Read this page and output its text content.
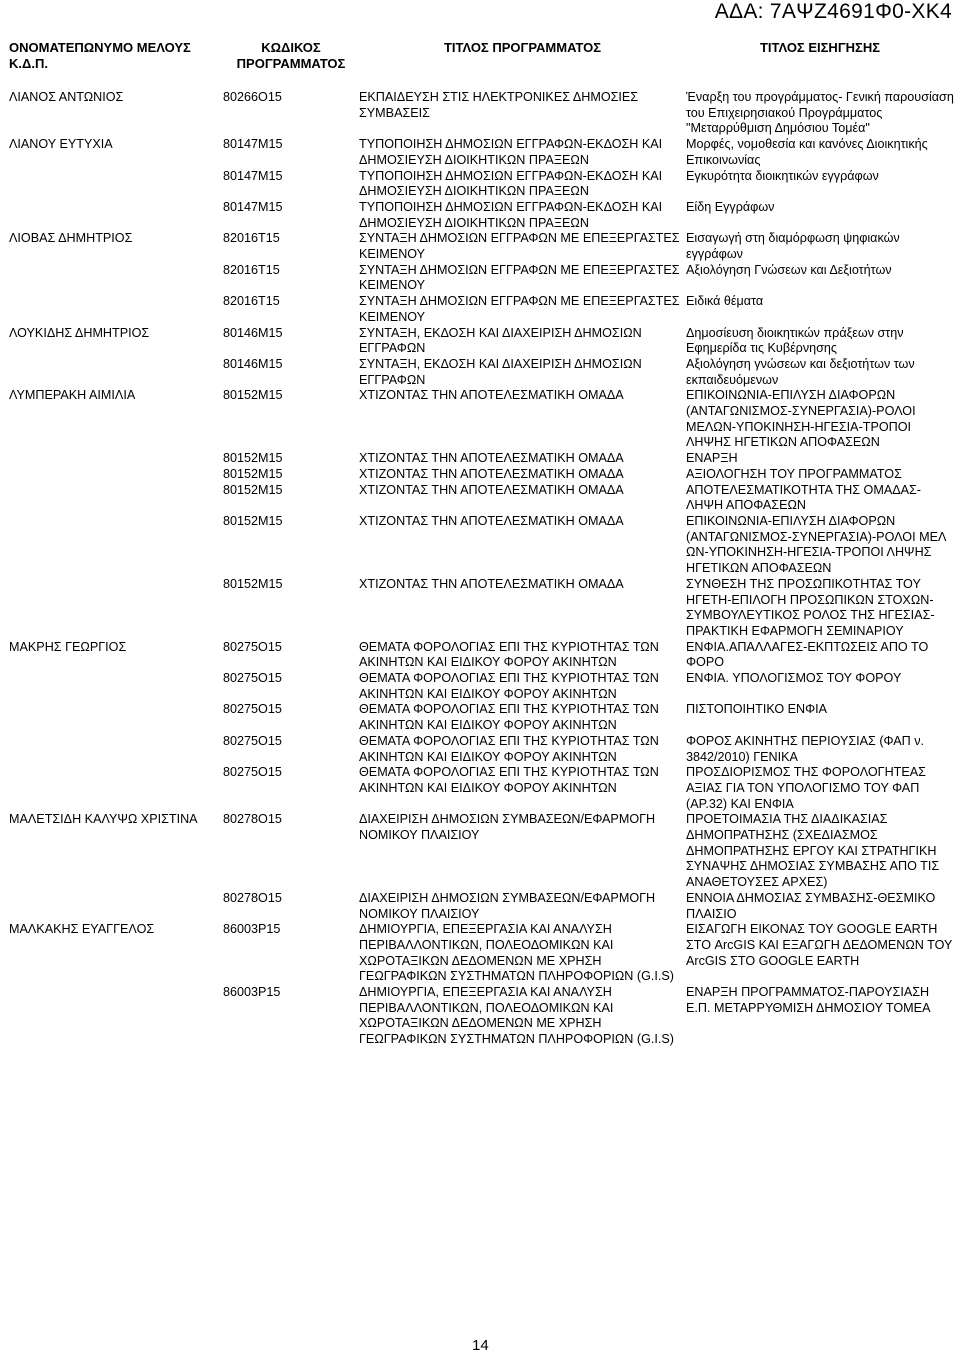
ΑΔΑ: 7ΑΨΖ4691Φ0-ΧΚ4
ΟΝΟΜΑΤΕΠΩΝΥΜΟ ΜΕΛΟΥΣ Κ.Δ.Π.	ΚΩΔΙΚΟΣ ΠΡΟΓΡΑΜΜΑΤΟΣ	ΤΙΤΛΟΣ ΠΡΟΓΡΑΜΜΑΤΟΣ	ΤΙΤΛΟΣ ΕΙΣΗΓΗΣΗΣ
ΛΙΑΝΟΣ ΑΝΤΩΝΙΟΣ	80266Ο15	ΕΚΠΑΙΔΕΥΣΗ ΣΤΙΣ ΗΛΕΚΤΡΟΝΙΚΕΣ ΔΗΜΟΣΙΕΣ ΣΥΜΒΑΣΕΙΣ	Έναρξη του προγράμματος- Γενική παρουσίαση του Επιχειρησιακού Προγράμματος "Μεταρρύθμιση Δημόσιου Τομέα"
ΛΙΑΝΟΥ ΕΥΤΥΧΙΑ	80147Μ15	ΤΥΠΟΠΟΙΗΣΗ ΔΗΜΟΣΙΩΝ ΕΓΓΡΑΦΩΝ-ΕΚΔΟΣΗ ΚΑΙ ΔΗΜΟΣΙΕΥΣΗ ΔΙΟΙΚΗΤΙΚΩΝ ΠΡΑΞΕΩΝ	Μορφές, νομοθεσία και κανόνες Διοικητικής Επικοινωνίας
	80147Μ15	ΤΥΠΟΠΟΙΗΣΗ ΔΗΜΟΣΙΩΝ ΕΓΓΡΑΦΩΝ-ΕΚΔΟΣΗ ΚΑΙ ΔΗΜΟΣΙΕΥΣΗ ΔΙΟΙΚΗΤΙΚΩΝ ΠΡΑΞΕΩΝ	Εγκυρότητα διοικητικών εγγράφων
	80147Μ15	ΤΥΠΟΠΟΙΗΣΗ ΔΗΜΟΣΙΩΝ ΕΓΓΡΑΦΩΝ-ΕΚΔΟΣΗ ΚΑΙ ΔΗΜΟΣΙΕΥΣΗ ΔΙΟΙΚΗΤΙΚΩΝ ΠΡΑΞΕΩΝ	Είδη Εγγράφων
ΛΙΟΒΑΣ ΔΗΜΗΤΡΙΟΣ	82016Τ15	ΣΥΝΤΑΞΗ ΔΗΜΟΣΙΩΝ ΕΓΓΡΑΦΩΝ ΜΕ ΕΠΕΞΕΡΓΑΣΤΕΣ ΚΕΙΜΕΝΟΥ	Εισαγωγή στη διαμόρφωση ψηφιακών εγγράφων
	82016Τ15	ΣΥΝΤΑΞΗ ΔΗΜΟΣΙΩΝ ΕΓΓΡΑΦΩΝ ΜΕ ΕΠΕΞΕΡΓΑΣΤΕΣ ΚΕΙΜΕΝΟΥ	Αξιολόγηση Γνώσεων και Δεξιοτήτων
	82016Τ15	ΣΥΝΤΑΞΗ ΔΗΜΟΣΙΩΝ ΕΓΓΡΑΦΩΝ ΜΕ ΕΠΕΞΕΡΓΑΣΤΕΣ ΚΕΙΜΕΝΟΥ	Ειδικά θέματα
ΛΟΥΚΙΔΗΣ ΔΗΜΗΤΡΙΟΣ	80146Μ15	ΣΥΝΤΑΞΗ, ΕΚΔΟΣΗ ΚΑΙ ΔΙΑΧΕΙΡΙΣΗ ΔΗΜΟΣΙΩΝ ΕΓΓΡΑΦΩΝ	Δημοσίευση διοικητικών πράξεων στην Εφημερίδα τις Κυβέρνησης
	80146Μ15	ΣΥΝΤΑΞΗ, ΕΚΔΟΣΗ ΚΑΙ ΔΙΑΧΕΙΡΙΣΗ ΔΗΜΟΣΙΩΝ ΕΓΓΡΑΦΩΝ	Αξιολόγηση γνώσεων και δεξιοτήτων των εκπαιδευόμενων
ΛΥΜΠΕΡΑΚΗ ΑΙΜΙΛΙΑ	80152Μ15	ΧΤΙΖΟΝΤΑΣ ΤΗΝ ΑΠΟΤΕΛΕΣΜΑΤΙΚΗ ΟΜΑΔΑ	ΕΠΙΚΟΙΝΩΝΙΑ-ΕΠΙΛΥΣΗ ΔΙΑΦΟΡΩΝ (ΑΝΤΑΓΩΝΙΣΜΟΣ-ΣΥΝΕΡΓΑΣΙΑ)-ΡΟΛΟΙ ΜΕΛΩΝ-ΥΠΟΚΙΝΗΣΗ-ΗΓΕΣΙΑ-ΤΡΟΠΟΙ ΛΗΨΗΣ ΗΓΕΤΙΚΩΝ ΑΠΟΦΑΣΕΩΝ
	80152Μ15	ΧΤΙΖΟΝΤΑΣ ΤΗΝ ΑΠΟΤΕΛΕΣΜΑΤΙΚΗ ΟΜΑΔΑ	ΕΝΑΡΞΗ
	80152Μ15	ΧΤΙΖΟΝΤΑΣ ΤΗΝ ΑΠΟΤΕΛΕΣΜΑΤΙΚΗ ΟΜΑΔΑ	ΑΞΙΟΛΟΓΗΣΗ ΤΟΥ ΠΡΟΓΡΑΜΜΑΤΟΣ
	80152Μ15	ΧΤΙΖΟΝΤΑΣ ΤΗΝ ΑΠΟΤΕΛΕΣΜΑΤΙΚΗ ΟΜΑΔΑ	ΑΠΟΤΕΛΕΣΜΑΤΙΚΟΤΗΤΑ ΤΗΣ ΟΜΑΔΑΣ-ΛΗΨΗ ΑΠΟΦΑΣΕΩΝ
	80152Μ15	ΧΤΙΖΟΝΤΑΣ ΤΗΝ ΑΠΟΤΕΛΕΣΜΑΤΙΚΗ ΟΜΑΔΑ	ΕΠΙΚΟΙΝΩΝΙΑ-ΕΠΙΛΥΣΗ ΔΙΑΦΟΡΩΝ (ΑΝΤΑΓΩΝΙΣΜΟΣ-ΣΥΝΕΡΓΑΣΙΑ)-ΡΟΛΟΙ ΜΕΛ ΩΝ-ΥΠΟΚΙΝΗΣΗ-ΗΓΕΣΙΑ-ΤΡΟΠΟΙ ΛΗΨΗΣ ΗΓΕΤΙΚΩΝ ΑΠΟΦΑΣΕΩΝ
	80152Μ15	ΧΤΙΖΟΝΤΑΣ ΤΗΝ ΑΠΟΤΕΛΕΣΜΑΤΙΚΗ ΟΜΑΔΑ	ΣΥΝΘΕΣΗ ΤΗΣ ΠΡΟΣΩΠΙΚΟΤΗΤΑΣ ΤΟΥ ΗΓΕΤΗ-ΕΠΙΛΟΓΗ ΠΡΟΣΩΠΙΚΩΝ ΣΤΟΧΩΝ-ΣΥΜΒΟΥΛΕΥΤΙΚΟΣ ΡΟΛΟΣ ΤΗΣ ΗΓΕΣΙΑΣ-ΠΡΑΚΤΙΚΗ ΕΦΑΡΜΟΓΗ ΣΕΜΙΝΑΡΙΟΥ
ΜΑΚΡΗΣ ΓΕΩΡΓΙΟΣ	80275Ο15	ΘΕΜΑΤΑ ΦΟΡΟΛΟΓΙΑΣ ΕΠΙ ΤΗΣ ΚΥΡΙΟΤΗΤΑΣ ΤΩΝ ΑΚΙΝΗΤΩΝ ΚΑΙ ΕΙΔΙΚΟΥ ΦΟΡΟΥ ΑΚΙΝΗΤΩΝ	ΕΝΦΙΑ.ΑΠΑΛΛΑΓΕΣ-ΕΚΠΤΩΣΕΙΣ ΑΠΟ ΤΟ ΦΟΡΟ
	80275Ο15	ΘΕΜΑΤΑ ΦΟΡΟΛΟΓΙΑΣ ΕΠΙ ΤΗΣ ΚΥΡΙΟΤΗΤΑΣ ΤΩΝ ΑΚΙΝΗΤΩΝ ΚΑΙ ΕΙΔΙΚΟΥ ΦΟΡΟΥ ΑΚΙΝΗΤΩΝ	ΕΝΦΙΑ. ΥΠΟΛΟΓΙΣΜΟΣ ΤΟΥ ΦΟΡΟΥ
	80275Ο15	ΘΕΜΑΤΑ ΦΟΡΟΛΟΓΙΑΣ ΕΠΙ ΤΗΣ ΚΥΡΙΟΤΗΤΑΣ ΤΩΝ ΑΚΙΝΗΤΩΝ ΚΑΙ ΕΙΔΙΚΟΥ ΦΟΡΟΥ ΑΚΙΝΗΤΩΝ	ΠΙΣΤΟΠΟΙΗΤΙΚΟ ΕΝΦΙΑ
	80275Ο15	ΘΕΜΑΤΑ ΦΟΡΟΛΟΓΙΑΣ ΕΠΙ ΤΗΣ ΚΥΡΙΟΤΗΤΑΣ ΤΩΝ ΑΚΙΝΗΤΩΝ ΚΑΙ ΕΙΔΙΚΟΥ ΦΟΡΟΥ ΑΚΙΝΗΤΩΝ	ΦΟΡΟΣ ΑΚΙΝΗΤΗΣ ΠΕΡΙΟΥΣΙΑΣ (ΦΑΠ ν. 3842/2010) ΓΕΝΙΚΑ
	80275Ο15	ΘΕΜΑΤΑ ΦΟΡΟΛΟΓΙΑΣ ΕΠΙ ΤΗΣ ΚΥΡΙΟΤΗΤΑΣ ΤΩΝ ΑΚΙΝΗΤΩΝ ΚΑΙ ΕΙΔΙΚΟΥ ΦΟΡΟΥ ΑΚΙΝΗΤΩΝ	ΠΡΟΣΔΙΟΡΙΣΜΟΣ ΤΗΣ ΦΟΡΟΛΟΓΗΤΕΑΣ ΑΞΙΑΣ ΓΙΑ ΤΟΝ ΥΠΟΛΟΓΙΣΜΟ ΤΟΥ ΦΑΠ (ΑΡ.32) ΚΑΙ ΕΝΦΙΑ
ΜΑΛΕΤΣΙΔΗ ΚΑΛΥΨΩ ΧΡΙΣΤΙΝΑ	80278Ο15	ΔΙΑΧΕΙΡΙΣΗ ΔΗΜΟΣΙΩΝ ΣΥΜΒΑΣΕΩΝ/ΕΦΑΡΜΟΓΗ ΝΟΜΙΚΟΥ ΠΛΑΙΣΙΟΥ	ΠΡΟΕΤΟΙΜΑΣΙΑ ΤΗΣ ΔΙΑΔΙΚΑΣΙΑΣ ΔΗΜΟΠΡΑΤΗΣΗΣ (ΣΧΕΔΙΑΣΜΟΣ ΔΗΜΟΠΡΑΤΗΣΗΣ ΕΡΓΟΥ ΚΑΙ ΣΤΡΑΤΗΓΙΚΗ ΣΥΝΑΨΗΣ ΔΗΜΟΣΙΑΣ ΣΥΜΒΑΣΗΣ ΑΠΟ ΤΙΣ ΑΝΑΘΕΤΟΥΣΕΣ ΑΡΧΕΣ)
	80278Ο15	ΔΙΑΧΕΙΡΙΣΗ ΔΗΜΟΣΙΩΝ ΣΥΜΒΑΣΕΩΝ/ΕΦΑΡΜΟΓΗ ΝΟΜΙΚΟΥ ΠΛΑΙΣΙΟΥ	ΕΝΝΟΙΑ ΔΗΜΟΣΙΑΣ ΣΥΜΒΑΣΗΣ-ΘΕΣΜΙΚΟ ΠΛΑΙΣΙΟ
ΜΑΛΚΑΚΗΣ ΕΥΑΓΓΕΛΟΣ	86003Ρ15	ΔΗΜΙΟΥΡΓΙΑ, ΕΠΕΞΕΡΓΑΣΙΑ ΚΑΙ ΑΝΑΛΥΣΗ ΠΕΡΙΒΑΛΛΟΝΤΙΚΩΝ, ΠΟΛΕΟΔΟΜΙΚΩΝ ΚΑΙ ΧΩΡΟΤΑΞΙΚΩΝ ΔΕΔΟΜΕΝΩΝ ΜΕ ΧΡΗΣΗ ΓΕΩΓΡΑΦΙΚΩΝ ΣΥΣΤΗΜΑΤΩΝ ΠΛΗΡΟΦΟΡΙΩΝ (G.I.S)	ΕΙΣΑΓΩΓΗ ΕΙΚΟΝΑΣ ΤΟΥ GOOGLE EARTH ΣΤΟ ArcGIS ΚΑΙ ΕΞΑΓΩΓΗ ΔΕΔΟΜΕΝΩΝ ΤΟΥ ArcGIS ΣΤΟ GOOGLE EARTH
	86003Ρ15	ΔΗΜΙΟΥΡΓΙΑ, ΕΠΕΞΕΡΓΑΣΙΑ ΚΑΙ ΑΝΑΛΥΣΗ ΠΕΡΙΒΑΛΛΟΝΤΙΚΩΝ, ΠΟΛΕΟΔΟΜΙΚΩΝ ΚΑΙ ΧΩΡΟΤΑΞΙΚΩΝ ΔΕΔΟΜΕΝΩΝ ΜΕ ΧΡΗΣΗ ΓΕΩΓΡΑΦΙΚΩΝ ΣΥΣΤΗΜΑΤΩΝ ΠΛΗΡΟΦΟΡΙΩΝ (G.I.S)	ΕΝΑΡΞΗ ΠΡΟΓΡΑΜΜΑΤΟΣ-ΠΑΡΟΥΣΙΑΣΗ Ε.Π. ΜΕΤΑΡΡΥΘΜΙΣΗ ΔΗΜΟΣΙΟΥ ΤΟΜΕΑ
14
